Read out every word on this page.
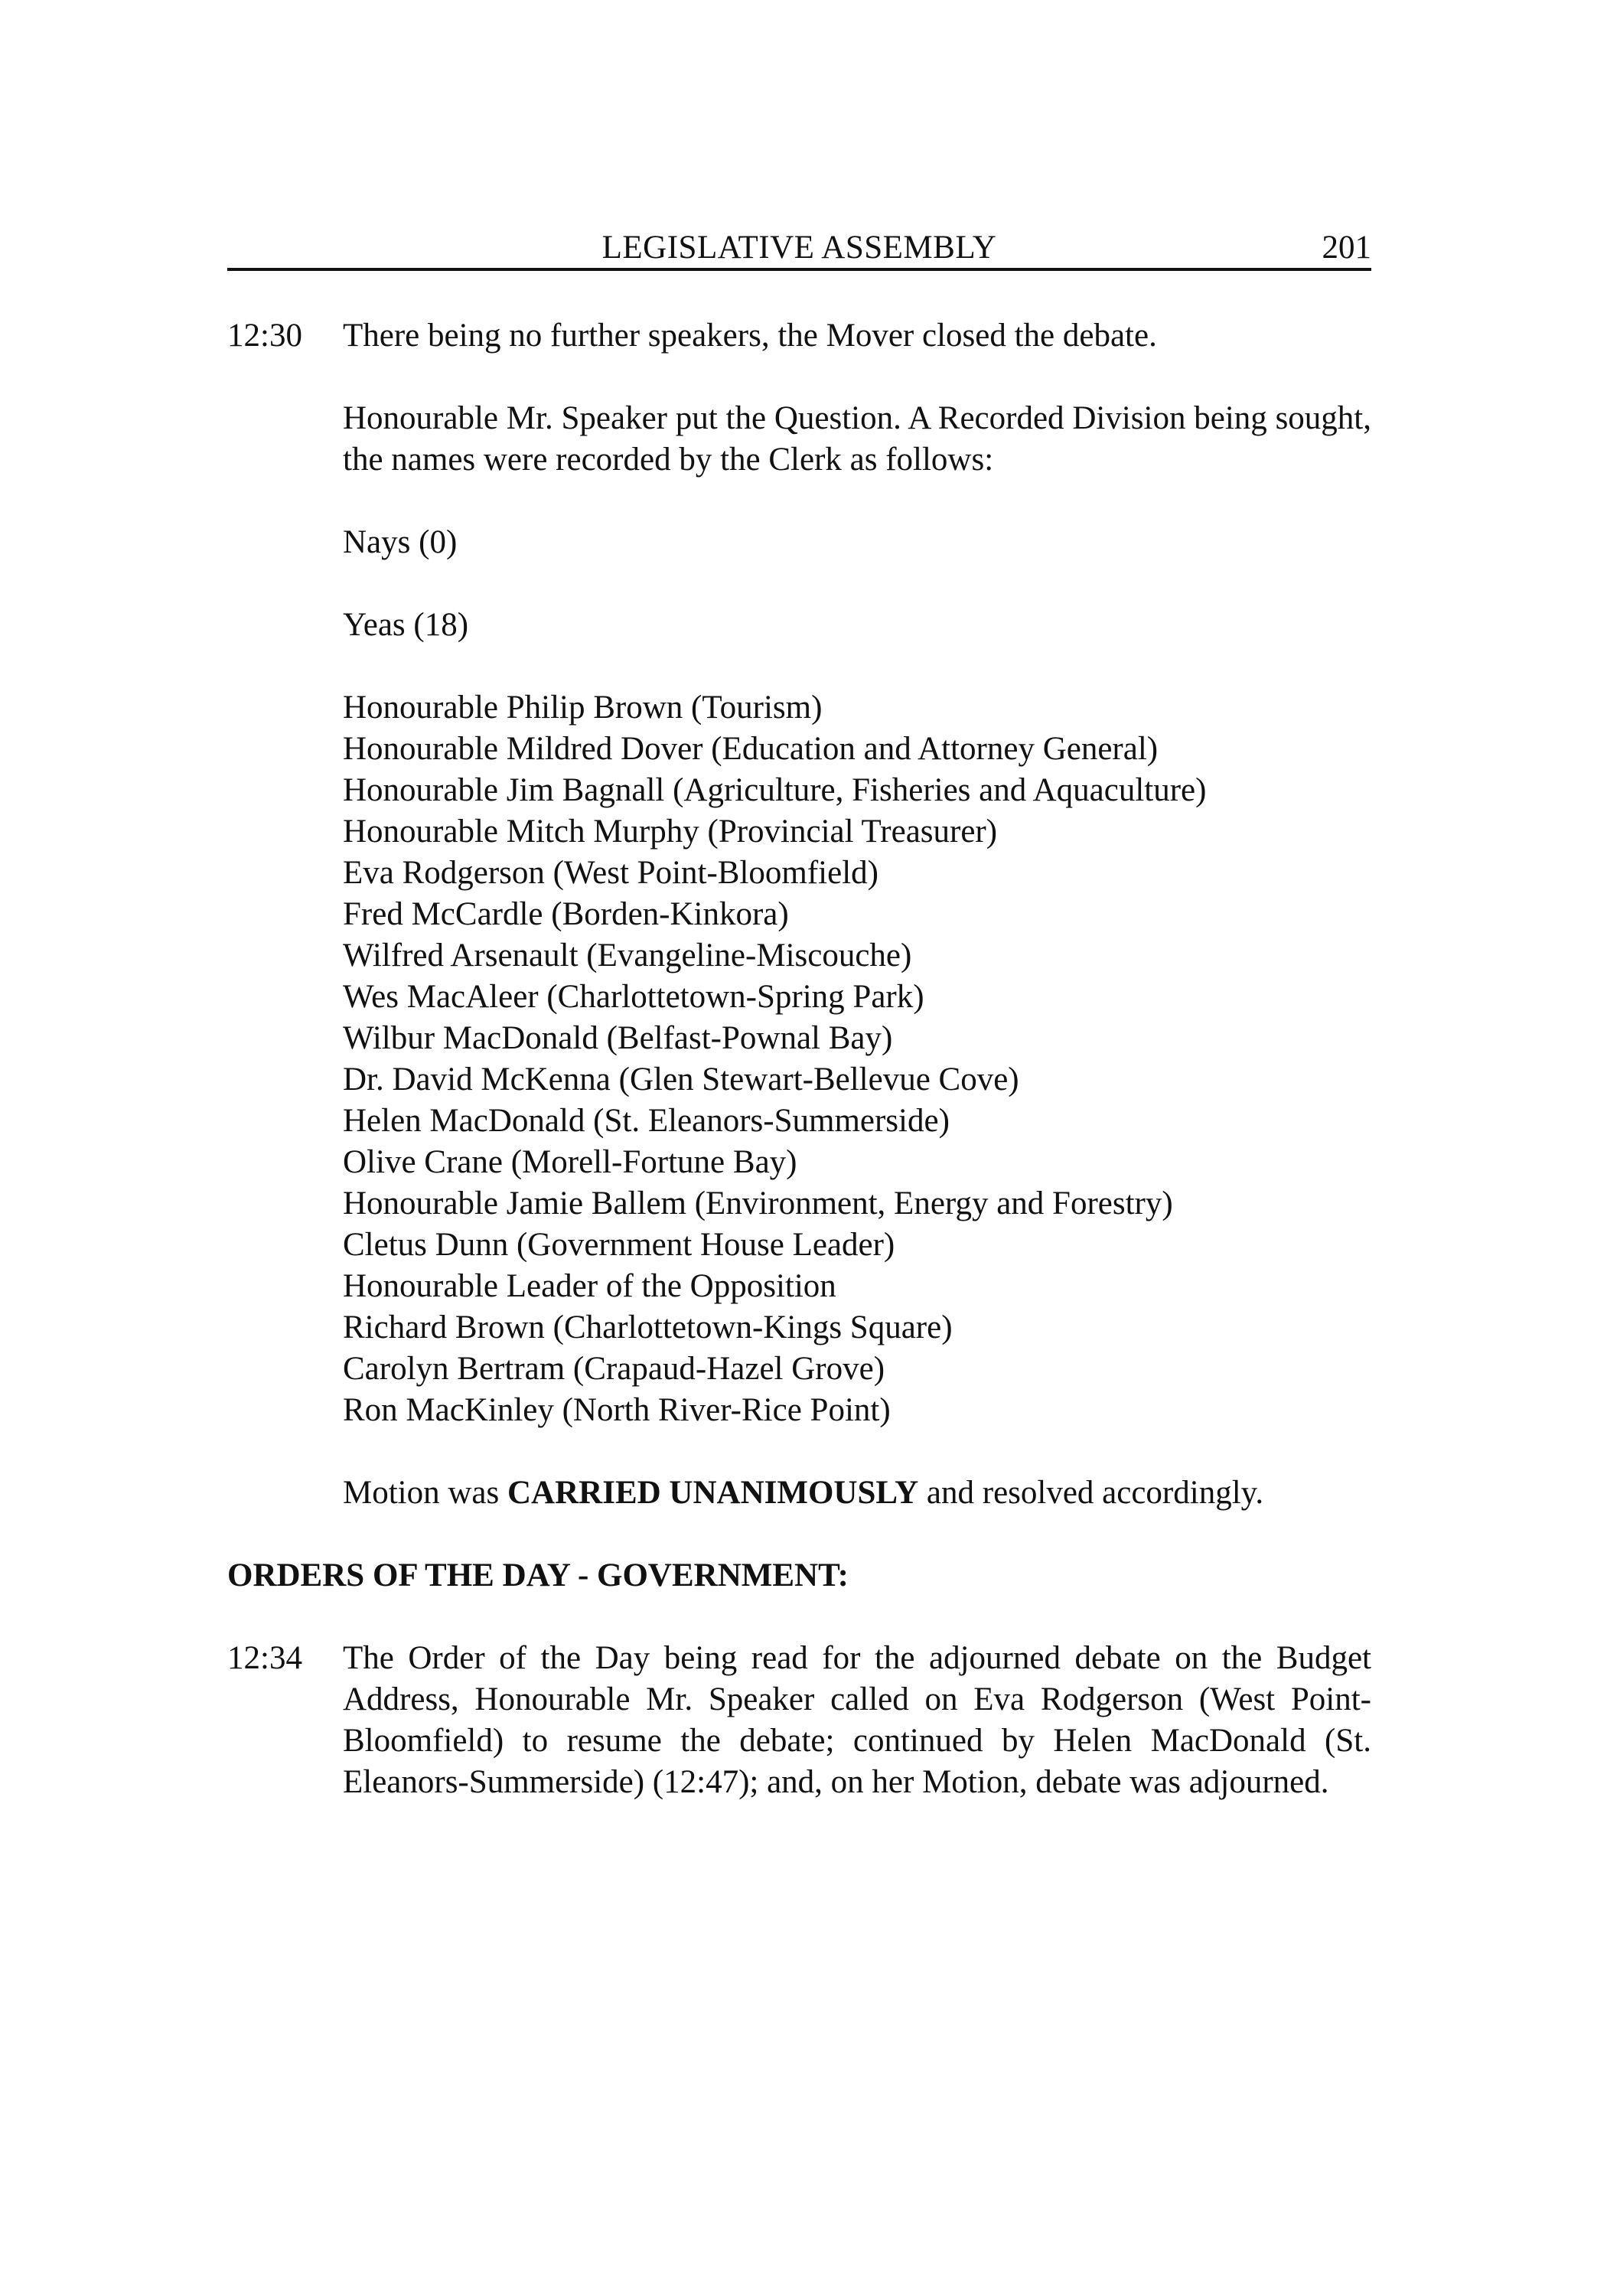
LEGISLATIVE ASSEMBLY	201
12:30	There being no further speakers, the Mover closed the debate.

Honourable Mr. Speaker put the Question. A Recorded Division being sought, the names were recorded by the Clerk as follows:

Nays (0)

Yeas (18)

Honourable Philip Brown (Tourism)
Honourable Mildred Dover (Education and Attorney General)
Honourable Jim Bagnall (Agriculture, Fisheries and Aquaculture)
Honourable Mitch Murphy (Provincial Treasurer)
Eva Rodgerson (West Point-Bloomfield)
Fred McCardle (Borden-Kinkora)
Wilfred Arsenault (Evangeline-Miscouche)
Wes MacAleer (Charlottetown-Spring Park)
Wilbur MacDonald (Belfast-Pownal Bay)
Dr. David McKenna (Glen Stewart-Bellevue Cove)
Helen MacDonald (St. Eleanors-Summerside)
Olive Crane (Morell-Fortune Bay)
Honourable Jamie Ballem (Environment, Energy and Forestry)
Cletus Dunn (Government House Leader)
Honourable Leader of the Opposition
Richard Brown (Charlottetown-Kings Square)
Carolyn Bertram (Crapaud-Hazel Grove)
Ron MacKinley (North River-Rice Point)

Motion was CARRIED UNANIMOUSLY and resolved accordingly.

ORDERS OF THE DAY - GOVERNMENT:
12:34	The Order of the Day being read for the adjourned debate on the Budget Address, Honourable Mr. Speaker called on Eva Rodgerson (West Point-Bloomfield) to resume the debate; continued by Helen MacDonald (St. Eleanors-Summerside) (12:47); and, on her Motion, debate was adjourned.
